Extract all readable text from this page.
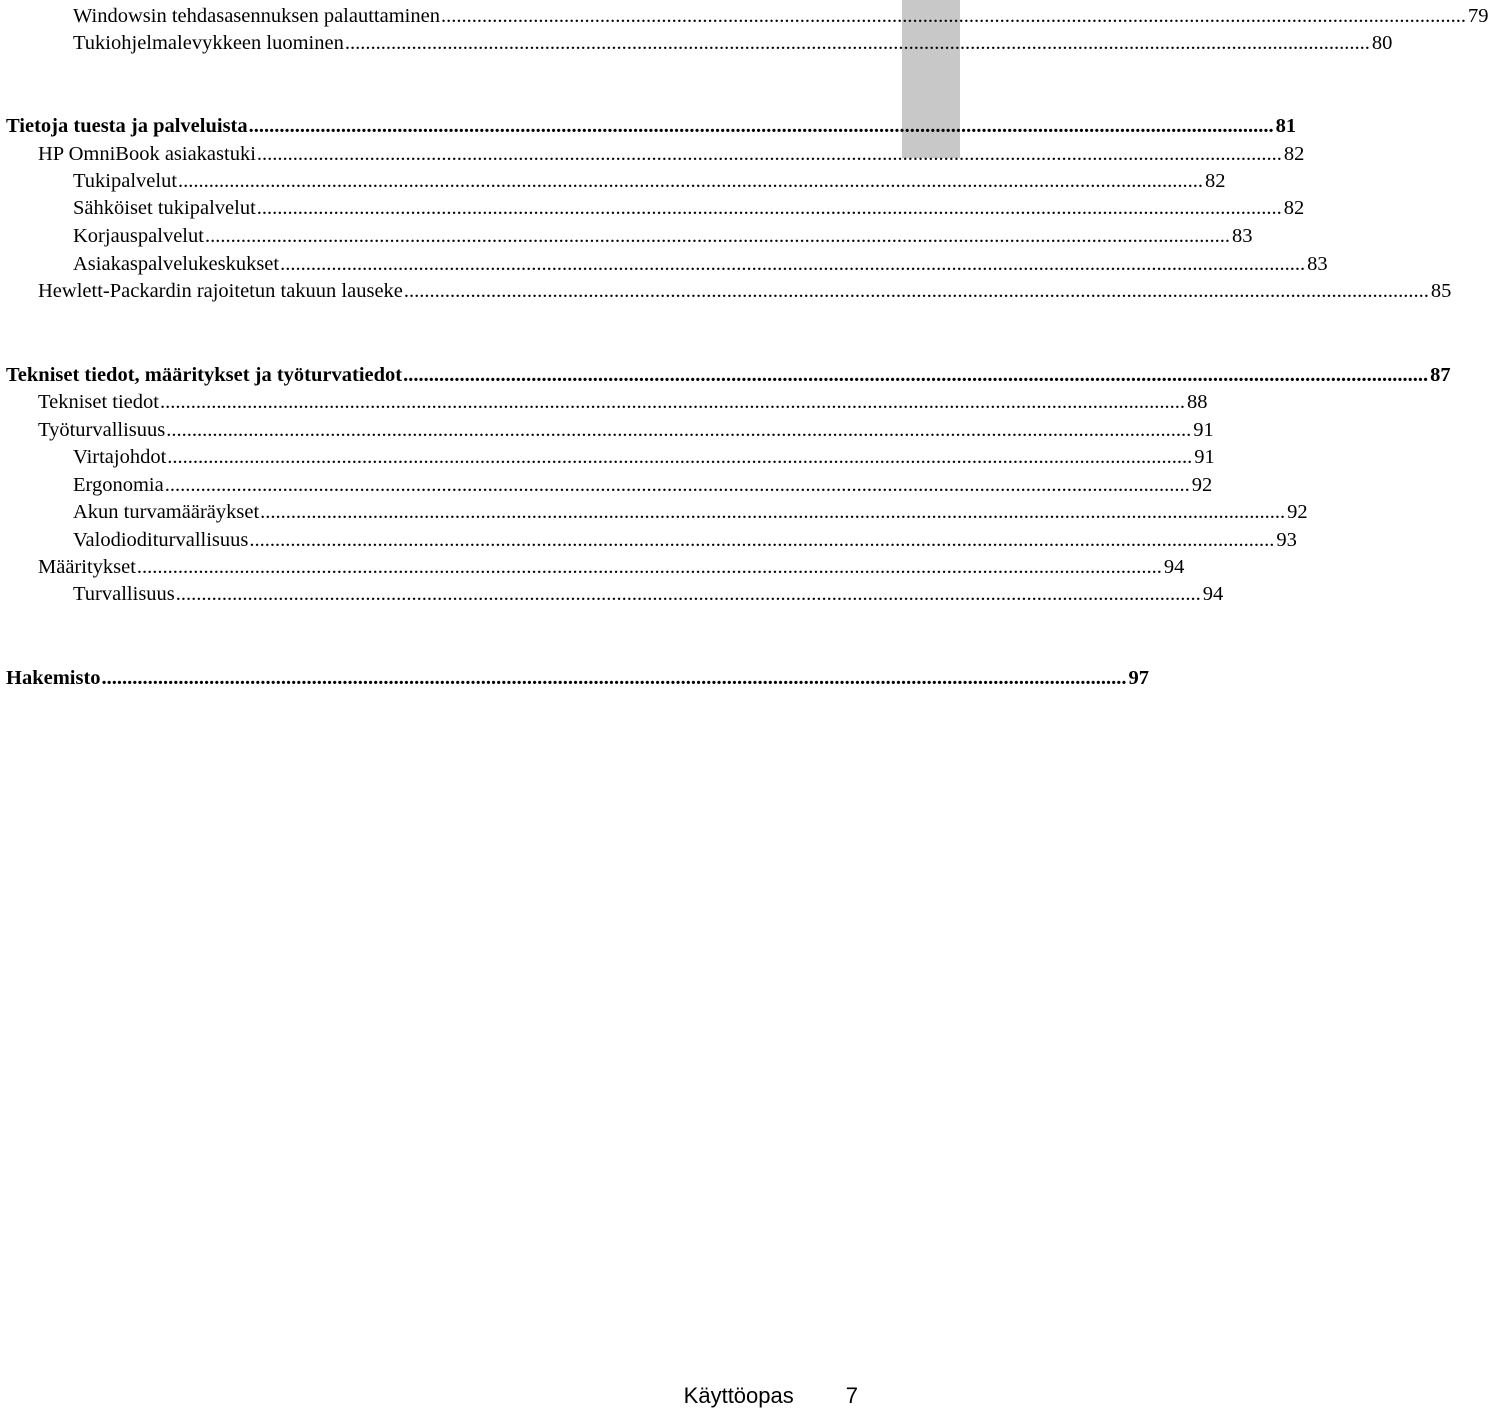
Windowsin tehdasasennuksen palauttaminen ........................................................................................................................................................................................................ 79
Tukiohjelmalevykkeen luominen ........................................................................................................................................................................................................ 80
Tietoja tuesta ja palveluista ........................................................................................................................................................................................................ 81
HP OmniBook asiakastuki ........................................................................................................................................................................................................ 82
Tukipalvelut ........................................................................................................................................................................................................ 82
Sähköiset tukipalvelut ........................................................................................................................................................................................................ 82
Korjauspalvelut ........................................................................................................................................................................................................ 83
Asiakaspalvelukeskukset ........................................................................................................................................................................................................ 83
Hewlett-Packardin rajoitetun takuun lauseke ........................................................................................................................................................................................................ 85
Tekniset tiedot, määritykset ja työturvatiedot ........................................................................................................................................................................................................ 87
Tekniset tiedot ........................................................................................................................................................................................................ 88
Työturvallisuus ........................................................................................................................................................................................................ 91
Virtajohdot ........................................................................................................................................................................................................ 91
Ergonomia ........................................................................................................................................................................................................ 92
Akun turvamääräykset ........................................................................................................................................................................................................ 92
Valodioditurvallisuus ........................................................................................................................................................................................................ 93
Määritykset ........................................................................................................................................................................................................ 94
Turvallisuus ........................................................................................................................................................................................................ 94
Hakemisto ........................................................................................................................................................................................................ 97
Käyttöopas 7
